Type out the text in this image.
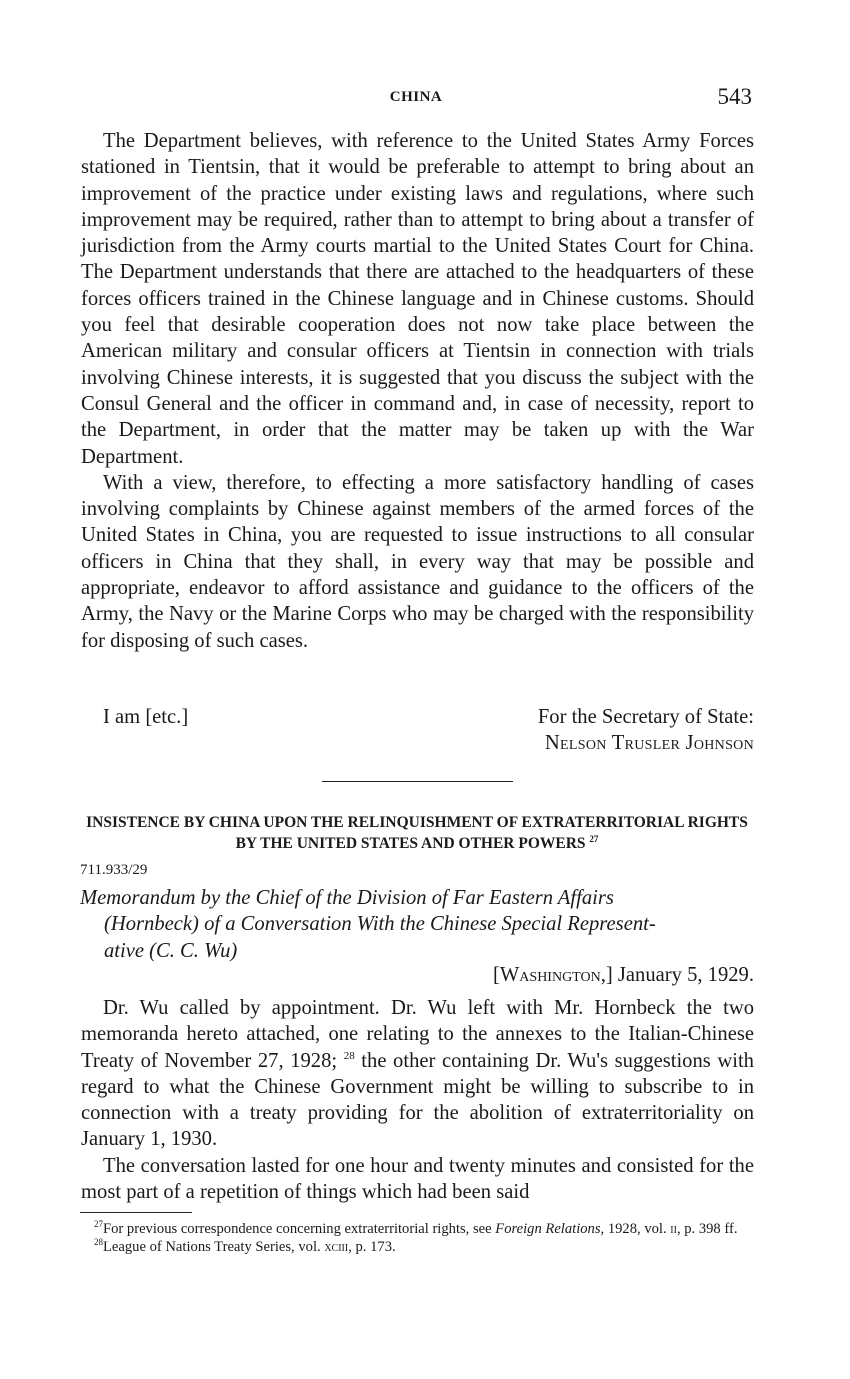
CHINA	543

The Department believes, with reference to the United States Army Forces stationed in Tientsin, that it would be preferable to attempt to bring about an improvement of the practice under existing laws and regulations, where such improvement may be required, rather than to attempt to bring about a transfer of jurisdiction from the Army courts martial to the United States Court for China. The Department understands that there are attached to the headquarters of these forces officers trained in the Chinese language and in Chinese customs. Should you feel that desirable cooperation does not now take place between the American military and consular officers at Tientsin in connection with trials involving Chinese interests, it is suggested that you discuss the subject with the Consul General and the officer in command and, in case of necessity, report to the Department, in order that the matter may be taken up with the War Department.

With a view, therefore, to effecting a more satisfactory handling of cases involving complaints by Chinese against members of the armed forces of the United States in China, you are requested to issue instructions to all consular officers in China that they shall, in every way that may be possible and appropriate, endeavor to afford assistance and guidance to the officers of the Army, the Navy or the Marine Corps who may be charged with the responsibility for disposing of such cases.

I am [etc.]	For the Secretary of State:
Nelson Trusler Johnson
INSISTENCE BY CHINA UPON THE RELINQUISHMENT OF EXTRATERRITORIAL RIGHTS BY THE UNITED STATES AND OTHER POWERS $^{27}$
711.933/29
Memorandum by the Chief of the Division of Far Eastern Affairs
(Hornbeck) of a Conversation With the Chinese Special Represent-
ative (C. C. Wu)
[Washington,] January 5, 1929.

Dr. Wu called by appointment. Dr. Wu left with Mr. Hornbeck the two memoranda hereto attached, one relating to the annexes to the Italian-Chinese Treaty of November 27, 1928; $^{28}$ the other containing Dr. Wu's suggestions with regard to what the Chinese Government might be willing to subscribe to in connection with a treaty providing for the abolition of extraterritoriality on January 1, 1930.

The conversation lasted for one hour and twenty minutes and consisted for the most part of a repetition of things which had been said

$^{27}$For previous correspondence concerning extraterritorial rights, see Foreign Relations, 1928, vol. ii, p. 398 ff.

$^{28}$League of Nations Treaty Series, vol. xciii, p. 173.
